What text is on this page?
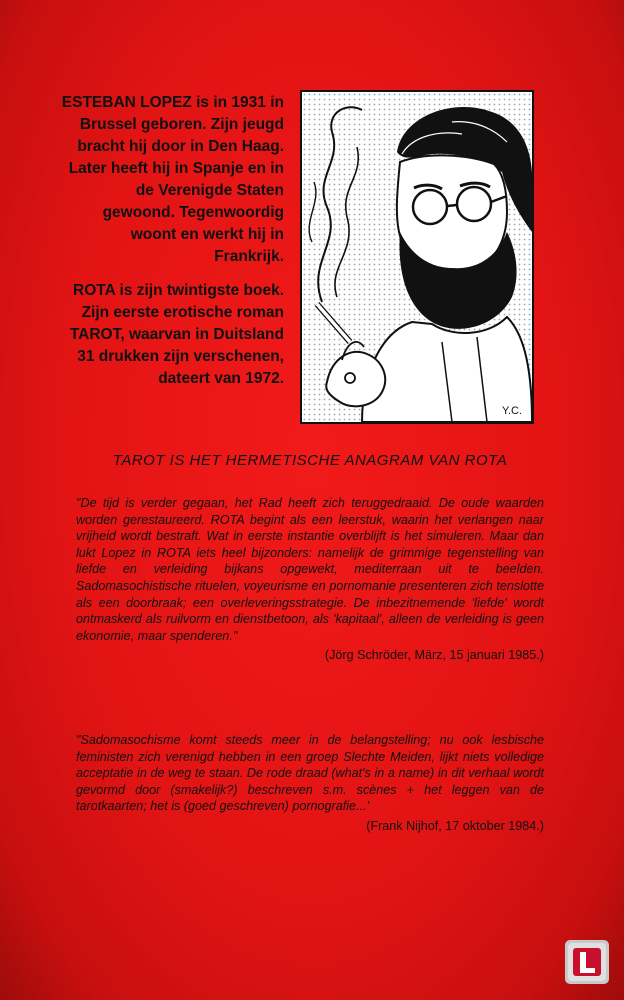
ESTEBAN LOPEZ is in 1931 in Brussel geboren. Zijn jeugd bracht hij door in Den Haag. Later heeft hij in Spanje en in de Verenigde Staten gewoond. Tegenwoordig woont en werkt hij in Frankrijk.

ROTA is zijn twintigste boek. Zijn eerste erotische roman TAROT, waarvan in Duitsland 31 drukken zijn verschenen, dateert van 1972.

Y.C.
TAROT IS HET HERMETISCHE ANAGRAM VAN ROTA

"De tijd is verder gegaan, het Rad heeft zich teruggedraaid. De oude waarden worden gerestaureerd. ROTA begint als een leerstuk, waarin het verlangen naar vrijheid wordt bestraft. Wat in eerste instantie overblijft is het simuleren. Maar dan lukt Lopez in ROTA iets heel bijzonders: namelijk de grimmige tegenstelling van liefde en verleiding bijkans opgewekt, mediterraan uit te beelden. Sadomasochistische rituelen, voyeurisme en pornomanie presenteren zich tenslotte als een doorbraak; een overleveringsstrategie. De inbezitnemende 'liefde' wordt ontmaskerd als ruilvorm en dienstbetoon, als 'kapitaal', alleen de verleiding is geen ekonomie, maar spenderen."

(Jörg Schröder, März, 15 januari 1985.)

"Sadomasochisme komt steeds meer in de belangstelling; nu ook lesbische feministen zich verenigd hebben in een groep Slechte Meiden, lijkt niets volledige acceptatie in de weg te staan. De rode draad (what's in a name) in dit verhaal wordt gevormd door (smakelijk?) beschreven s.m. scènes + het leggen van de tarotkaarten; het is (goed geschreven) pornografie...'

(Frank Nijhof, 17 oktober 1984.)
